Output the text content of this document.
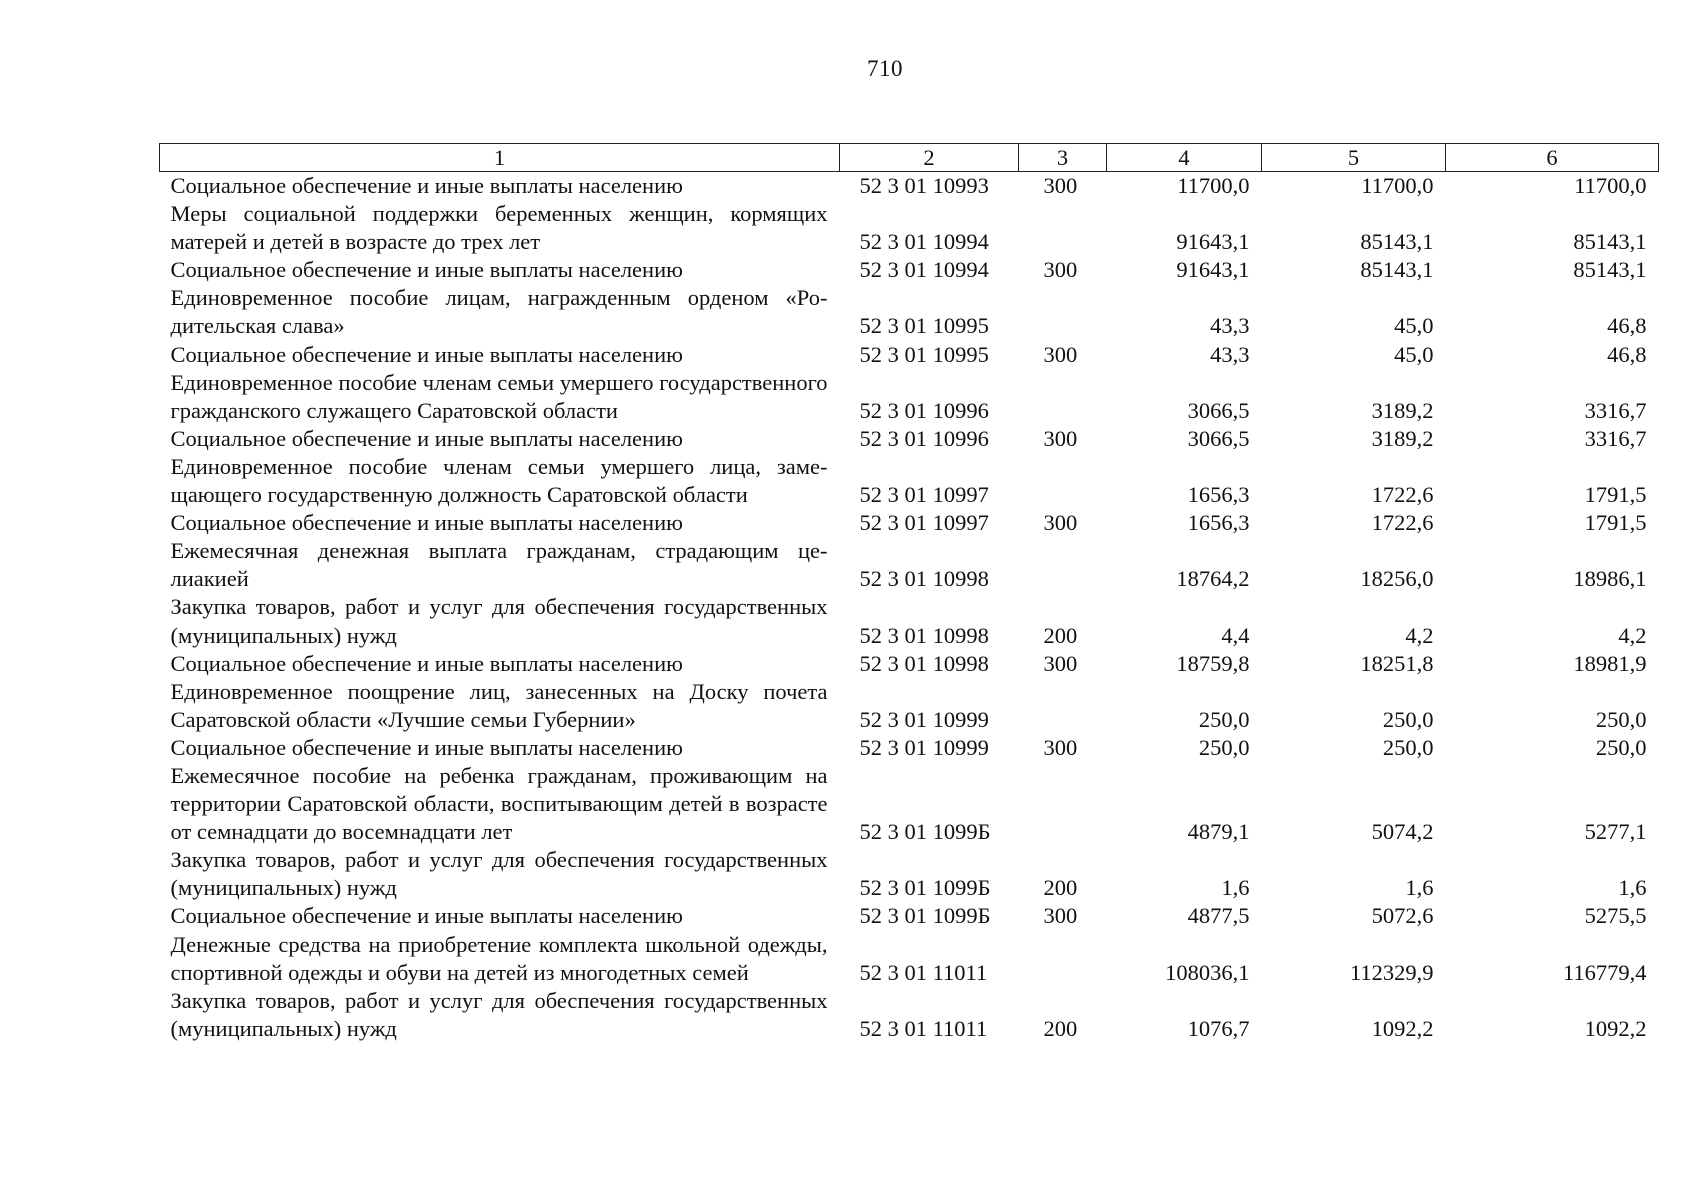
710
1	2	3	4	5	6
Социальное обеспечение и иные выплаты населению	52 3 01 10993	300	11700,0	11700,0	11700,0
Меры социальной поддержки беременных женщин, кормящих матерей и детей в возрасте до трех лет	52 3 01 10994		91643,1	85143,1	85143,1
Социальное обеспечение и иные выплаты населению	52 3 01 10994	300	91643,1	85143,1	85143,1
Единовременное пособие лицам, награжденным орденом «Родительская слава»	52 3 01 10995		43,3	45,0	46,8
Социальное обеспечение и иные выплаты населению	52 3 01 10995	300	43,3	45,0	46,8
Единовременное пособие членам семьи умершего государственного гражданского служащего Саратовской области	52 3 01 10996		3066,5	3189,2	3316,7
Социальное обеспечение и иные выплаты населению	52 3 01 10996	300	3066,5	3189,2	3316,7
Единовременное пособие членам семьи умершего лица, замещающего государственную должность Саратовской области	52 3 01 10997		1656,3	1722,6	1791,5
Социальное обеспечение и иные выплаты населению	52 3 01 10997	300	1656,3	1722,6	1791,5
Ежемесячная денежная выплата гражданам, страдающим целиакией	52 3 01 10998		18764,2	18256,0	18986,1
Закупка товаров, работ и услуг для обеспечения государственных (муниципальных) нужд	52 3 01 10998	200	4,4	4,2	4,2
Социальное обеспечение и иные выплаты населению	52 3 01 10998	300	18759,8	18251,8	18981,9
Единовременное поощрение лиц, занесенных на Доску почета Саратовской области «Лучшие семьи Губернии»	52 3 01 10999		250,0	250,0	250,0
Социальное обеспечение и иные выплаты населению	52 3 01 10999	300	250,0	250,0	250,0
Ежемесячное пособие на ребенка гражданам, проживающим на территории Саратовской области, воспитывающим детей в возрасте от семнадцати до восемнадцати лет	52 3 01 1099Б		4879,1	5074,2	5277,1
Закупка товаров, работ и услуг для обеспечения государственных (муниципальных) нужд	52 3 01 1099Б	200	1,6	1,6	1,6
Социальное обеспечение и иные выплаты населению	52 3 01 1099Б	300	4877,5	5072,6	5275,5
Денежные средства на приобретение комплекта школьной одежды, спортивной одежды и обуви на детей из многодетных семей	52 3 01 11011		108036,1	112329,9	116779,4
Закупка товаров, работ и услуг для обеспечения государственных (муниципальных) нужд	52 3 01 11011	200	1076,7	1092,2	1092,2
